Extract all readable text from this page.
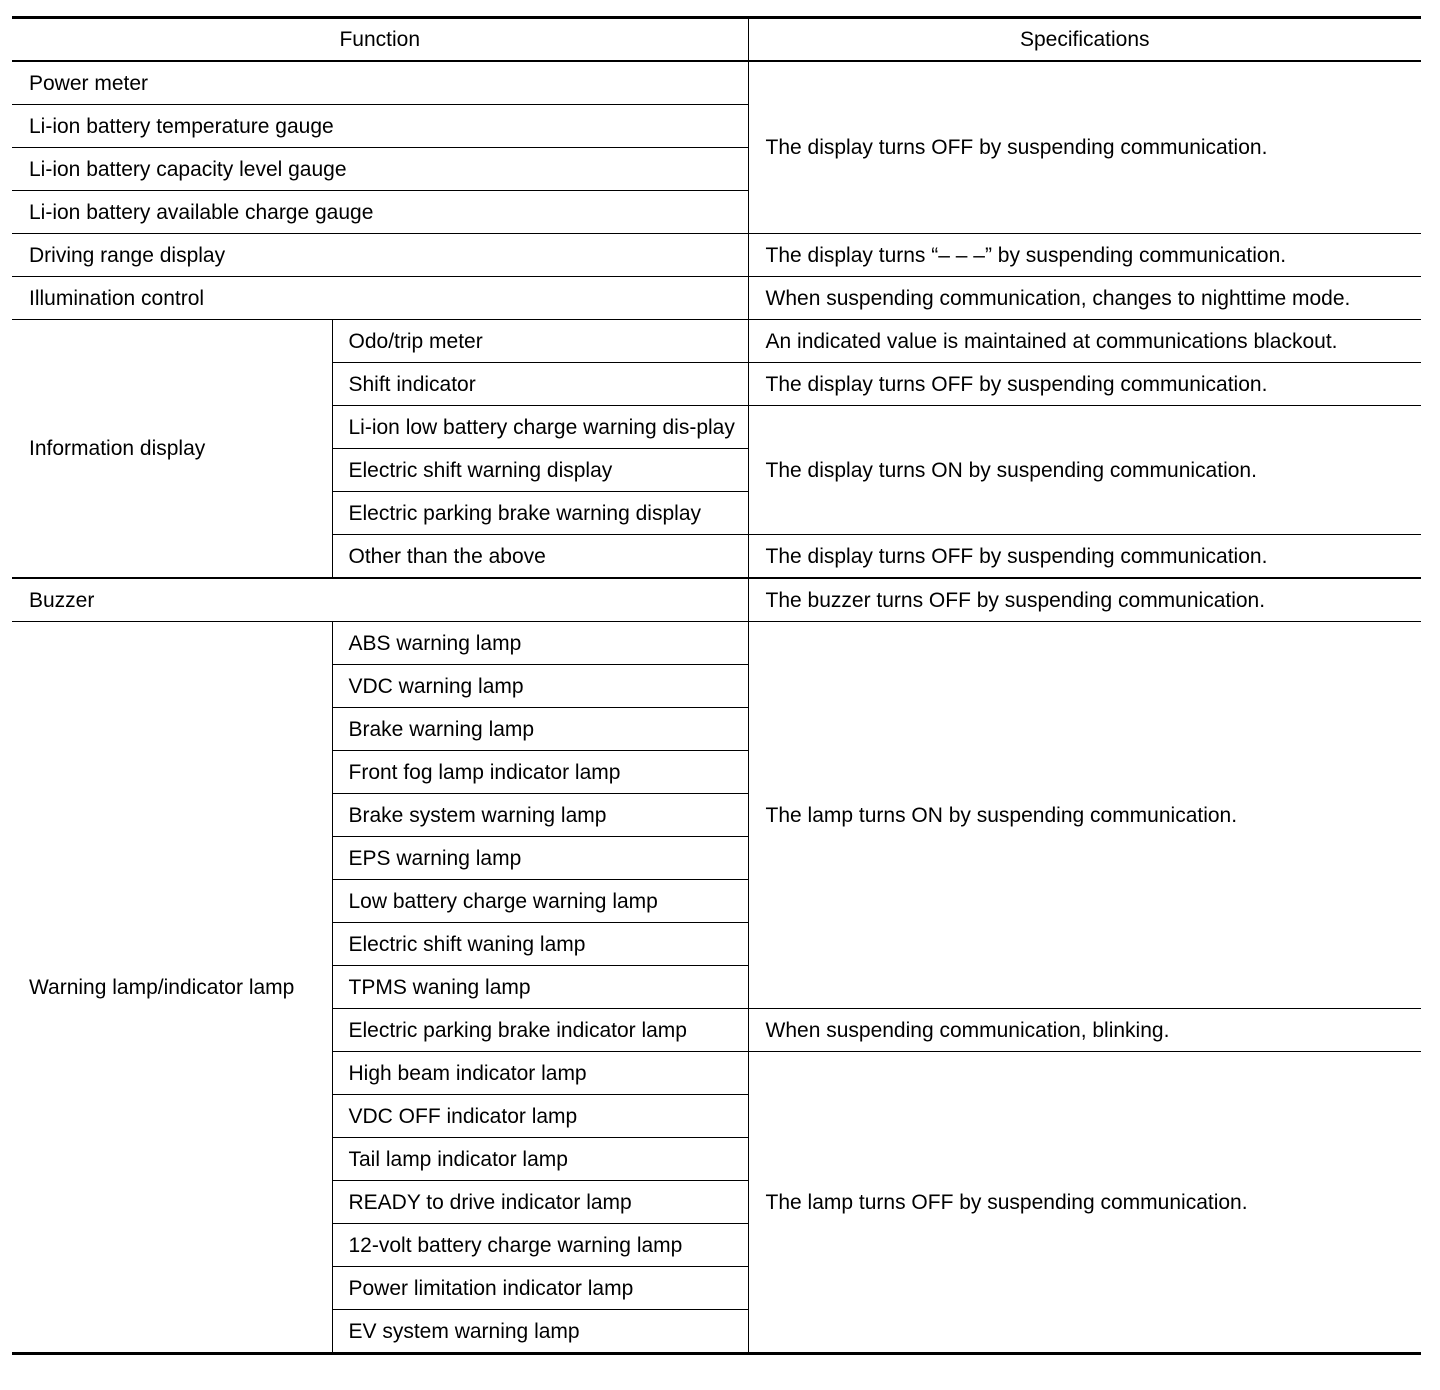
Function		Specifications
Power meter		The display turns OFF by suspending communication.
Li-ion battery temperature gauge		
Li-ion battery capacity level gauge		
Li-ion battery available charge gauge		
Driving range display		The display turns “– – –” by suspending communication.
Illumination control		When suspending communication, changes to nighttime mode.
Information display	Odo/trip meter	An indicated value is maintained at communications blackout.
	Shift indicator	The display turns OFF by suspending communication.
	Li-ion low battery charge warning dis-play	The display turns ON by suspending communication.
	Electric shift warning display	
	Electric parking brake warning display	
	Other than the above	The display turns OFF by suspending communication.
Buzzer		The buzzer turns OFF by suspending communication.
Warning lamp/indicator lamp	ABS warning lamp	The lamp turns ON by suspending communication.
	VDC warning lamp	
	Brake warning lamp	
	Front fog lamp indicator lamp	
	Brake system warning lamp	
	EPS warning lamp	
	Low battery charge warning lamp	
	Electric shift waning lamp	
	TPMS waning lamp	
	Electric parking brake indicator lamp	When suspending communication, blinking.
	High beam indicator lamp	The lamp turns OFF by suspending communication.
	VDC OFF indicator lamp	
	Tail lamp indicator lamp	
	READY to drive indicator lamp	
	12-volt battery charge warning lamp	
	Power limitation indicator lamp	
	EV system warning lamp	
